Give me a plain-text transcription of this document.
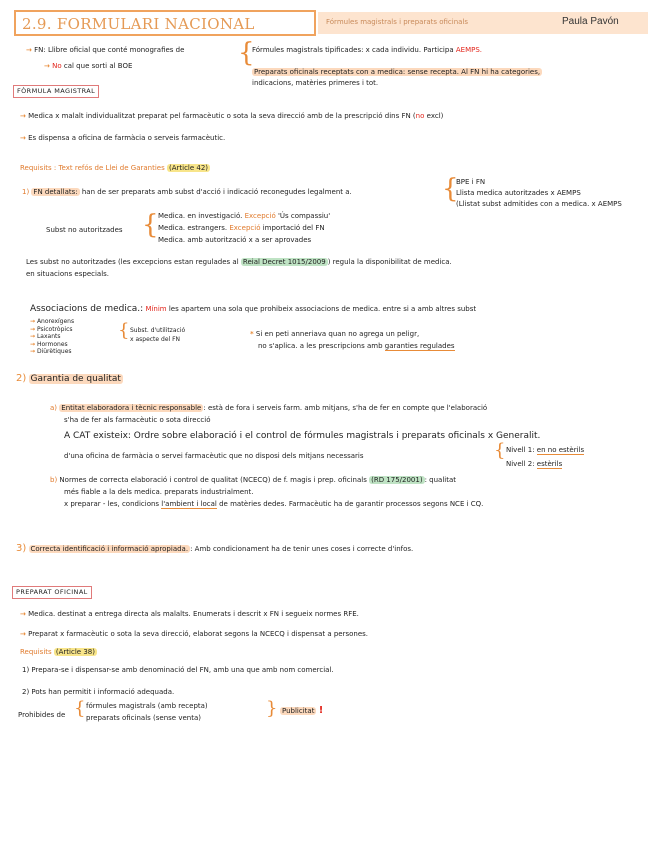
2.9. FORMULARI NACIONAL	Fórmules magistrals i preparats oficinals	Paula Pavón
→ FN: Llibre oficial que conté monografies de
→ No cal que sorti al BOE	{
Fórmules magistrals tipificades: x cada individu. Participa AEMPS.
Preparats oficinals receptats con a medica: sense recepta. Al FN hi ha categories,
indicacions, matèries primeres i tot.
FÒRMULA MAGISTRAL
→ Medica x malalt individualitzat preparat pel farmacèutic o sota la seva direcció amb de la prescripció dins FN (no excl)
→ Es dispensa a oficina de farmàcia o serveis farmacèutic.
Requisits : Text refós de Llei de Garanties (Article 42)
1) FN detallats: han de ser preparats amb subst d'acció i indicació reconegudes legalment a.	{
BPE i FN
Llista medica autoritzades x AEMPS
(Llistat subst admitides con a medica. x AEMPS
Subst no autoritzades { Medica. en investigació. Excepció 'Ús compassiu'
Medica. estrangers. Excepció importació del FN
Medica. amb autorització x a ser aprovades
Les subst no autoritzades (les excepcions estan regulades al Reial Decret 1015/2009 ) regula la disponibilitat de medica.
en situacions especials.
Associacions de medica.: Mínim les apartem una sola que prohibeix associacions de medica. entre si a amb altres subst
→ Anorexígens
→ Psicotròpics
→ Laxants
→ Hormones
→ Diürètiques
{ Subst. d'utilització
x aspecte del FN
* Si en peti anneriava quan no agrega un peligr,
no s'aplica. a les prescripcions amb garanties regulades
2) Garantia de qualitat
a) Entitat elaboradora i tècnic responsable : està de fora i serveis farm. amb mitjans, s'ha de fer en compte que l'elaboració
s'ha de fer als farmacèutic o sota direcció
A CAT existeix: Ordre sobre elaboració i el control de fórmules magistrals i preparats oficinals x Generalit.
d'una oficina de farmàcia o servei farmacèutic que no disposi dels mitjans necessaris	{ Nivell 1: en no estèrils
Nivell 2: estèrils
b) Normes de correcta elaboració i control de qualitat (NCECQ) de f. magis i prep. oficinals (RD 175/2001) : qualitat
més fiable a la dels medica. preparats industrialment.
x preparar - les, condicions l'ambient i local de matèries dedes. Farmacèutic ha de garantir processos segons NCE i CQ.
3) Correcta identificació i informació apropiada. : Amb condicionament ha de tenir unes coses i correcte d'infos.
PREPARAT OFICINAL
→ Medica. destinat a entrega directa als malalts. Enumerats i descrit x FN i segueix normes RFE.
→ Preparat x farmacèutic o sota la seva direcció, elaborat segons la NCECQ i dispensat a persones.
Requisits (Article 38)
1) Prepara-se i dispensar-se amb denominació del FN, amb una que amb nom comercial.
2) Pots han permitit i informació adequada.
Prohibides de { fórmules magistrals (amb recepta)
preparats oficinals (sense venta)	} Publicitat !
